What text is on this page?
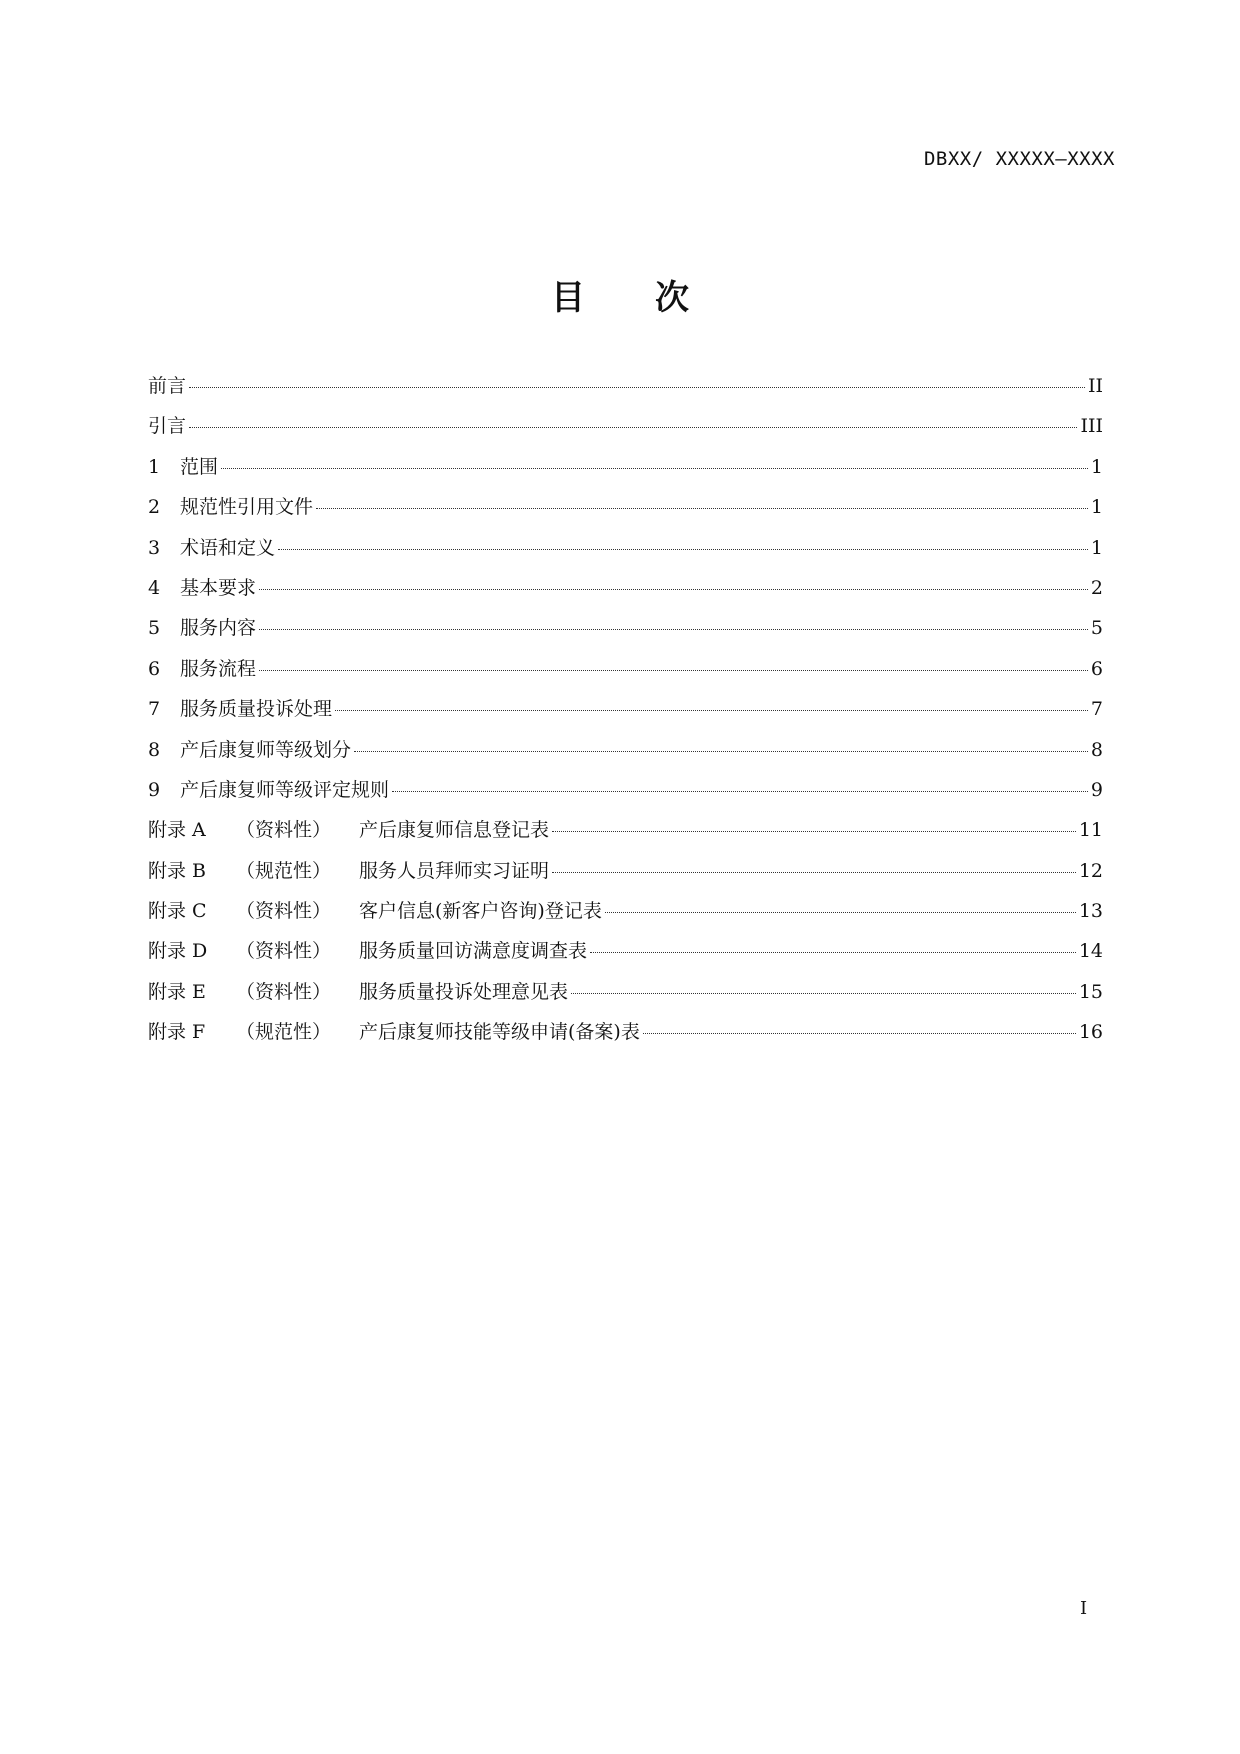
DBXX/ XXXXX—XXXX
目 次
前言	II
引言	III
1	范围	1
2	规范性引用文件	1
3	术语和定义	1
4	基本要求	2
5	服务内容	5
6	服务流程	6
7	服务质量投诉处理	7
8	产后康复师等级划分	8
9	产后康复师等级评定规则	9
附录 A	（资料性）	产后康复师信息登记表	11
附录 B	（规范性）	服务人员拜师实习证明	12
附录 C	（资料性）	客户信息(新客户咨询)登记表	13
附录 D	（资料性）	服务质量回访满意度调查表	14
附录 E	（资料性）	服务质量投诉处理意见表	15
附录 F	（规范性）	产后康复师技能等级申请(备案)表	16
I
